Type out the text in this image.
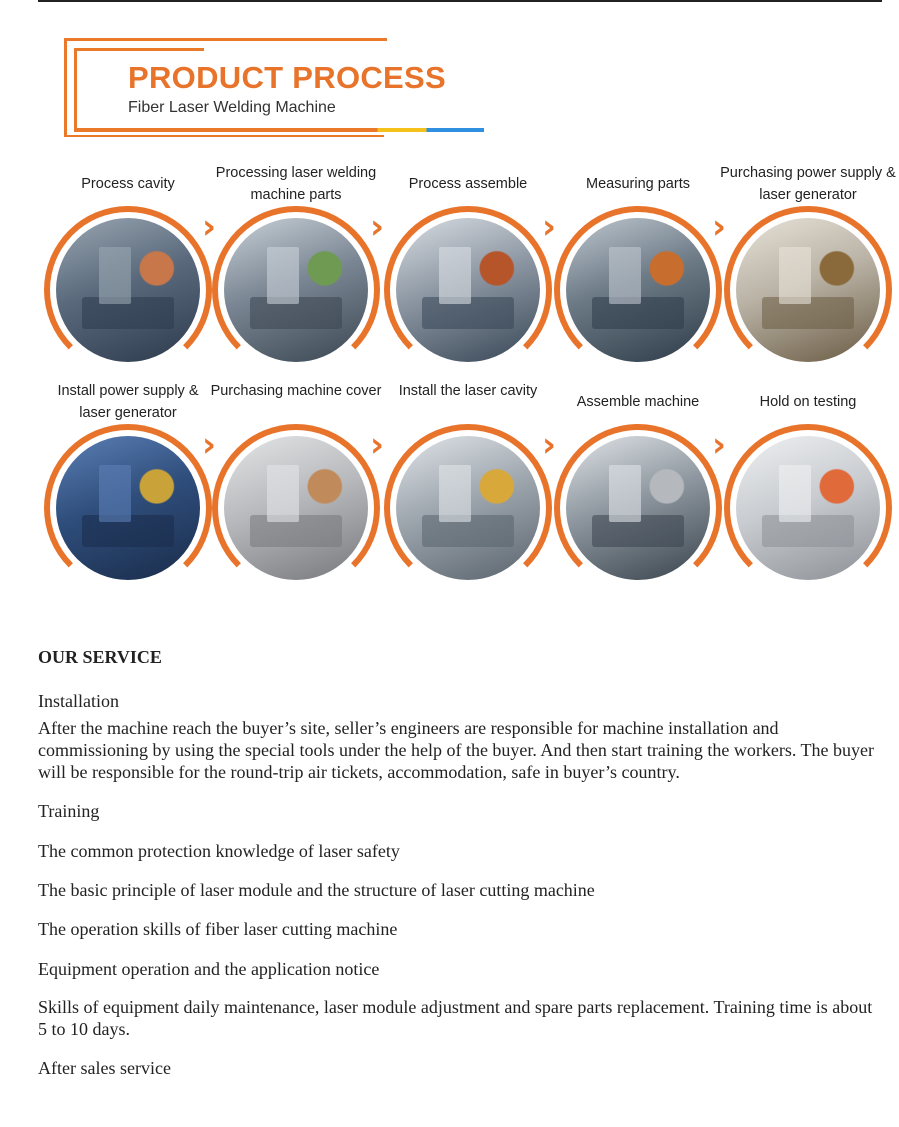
PRODUCT PROCESS
Fiber Laser Welding Machine
Process cavity
›
Processing laser welding machine parts
›
Process assemble
›
Measuring parts
›
Purchasing power supply & laser generator
Install power supply & laser generator
›
Purchasing machine cover
›
Install the laser cavity
›
Assemble machine
›
Hold on testing
OUR SERVICE
Installation
After the machine reach the buyer’s site, seller’s engineers are responsible for machine installation and commissioning by using the special tools under the help of the buyer. And then start training the workers. The buyer will be responsible for the round-trip air tickets, accommodation, safe in buyer’s country.
Training
The common protection knowledge of laser safety
The basic principle of laser module and the structure of laser cutting machine
The operation skills of fiber laser cutting machine
Equipment operation and the application notice
Skills of equipment daily maintenance, laser module adjustment and spare parts replacement. Training time is about 5 to 10 days.
After sales service
